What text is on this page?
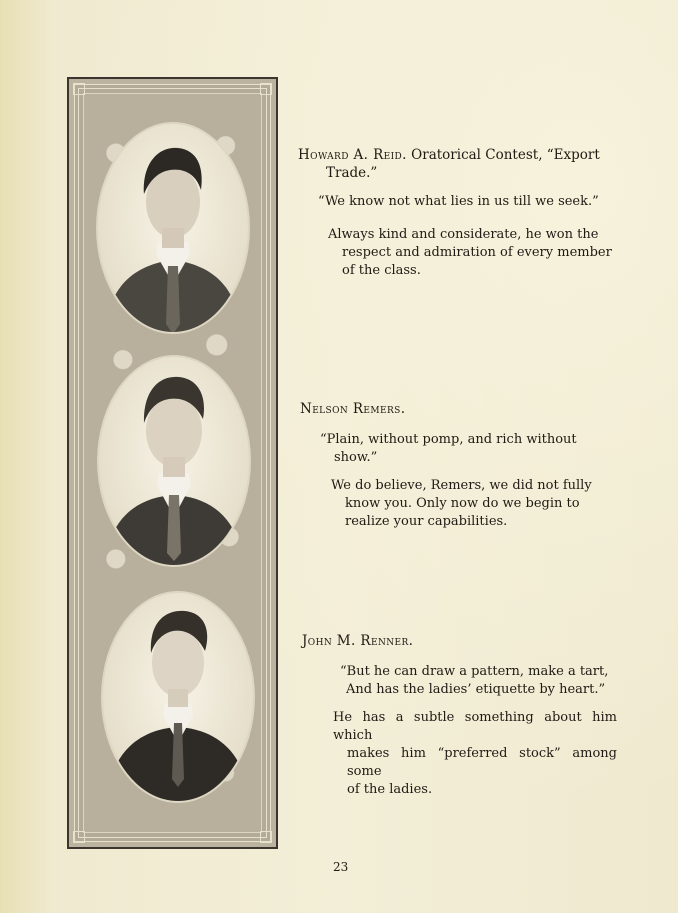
Howard A. Reid. Oratorical Contest, “Export
Trade.”
“We know not what lies in us till we seek.”
Always kind and considerate, he won the
respect and admiration of every member
of the class.
Nelson Remers.
“Plain, without pomp, and rich without
show.”
We do believe, Remers, we did not fully
know you. Only now do we begin to
realize your capabilities.
John M. Renner.
“But he can draw a pattern, make a tart,
And has the ladies’ etiquette by heart.”
He has a subtle something about him which
makes him “preferred stock” among some
of the ladies.
23
